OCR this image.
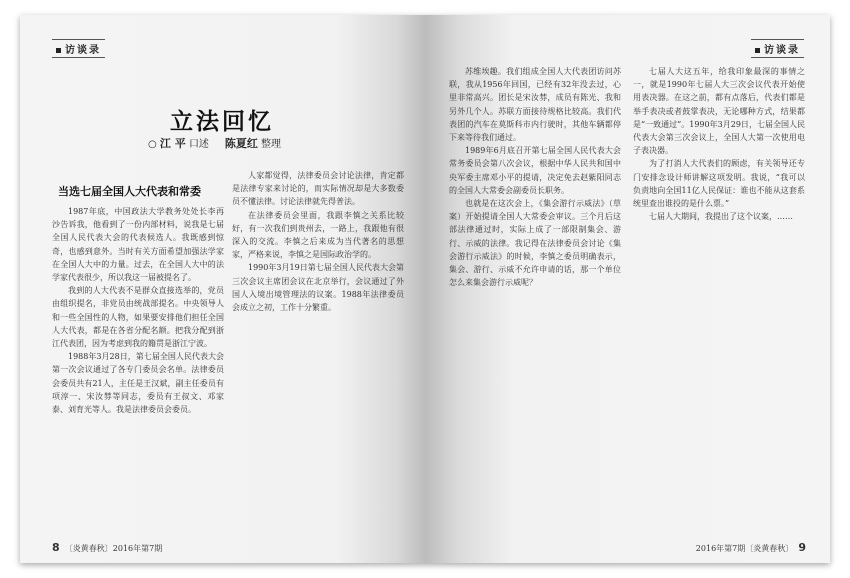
访谈录
立法回忆
○ 江 平 口述 陈夏红 整理
当选七届全国人大代表和常委

1987年底，中国政法大学教务处处长李再沙告诉我，他看到了一份内部材料，说我是七届全国人民代表大会的代表候选人。我既感到惊奇，也感到意外。当时有关方面希望加强法学家在全国人大中的力量。过去，在全国人大中的法学家代表很少，所以我这一届被提名了。

我到的人大代表不是群众直接选举的，党员由组织提名，非党员由统战部提名。中央领导人和一些全国性的人物，如果要安排他们担任全国人大代表，都是在各省分配名额。把我分配到浙江代表团，因为考虑到我的籍贯是浙江宁波。

1988年3月28日，第七届全国人民代表大会第一次会议通过了各专门委员会名单。法律委员会委员共有21人，主任是王汉斌，副主任委员有项淳一、宋汝棼等同志，委员有王叔文、邓家泰、刘育光等人。我是法律委员会委员。

人家都觉得，法律委员会讨论法律，肯定都是法律专家来讨论的，而实际情况却是大多数委员不懂法律。讨论法律就先得普法。

在法律委员会里面，我跟李慎之关系比较好，有一次我们到贵州去，一路上，我跟他有很深入的交流。李慎之后来成为当代著名的思想家，严格来说，李慎之是国际政治学的。

1990年3月19日第七届全国人民代表大会第三次会议主席团会议在北京举行，会议通过了外国人入境出境管理法的议案。1988年法律委员会成立之初，工作十分繁重。

8 〔炎黄春秋〕2016年第7期
访谈录

苏维埃趣。我们组成全国人大代表团访问苏联，我从1956年回国，已经有32年没去过，心里非常高兴。团长是宋汝棼，成员有陈光、我和另外几个人。苏联方面接待规格比较高。我们代表团的汽车在莫斯科市内行驶时，其他车辆都停下来等待我们通过。

1989年6月底召开第七届全国人民代表大会常务委员会第八次会议，根据中华人民共和国中央军委主席邓小平的提请，决定免去赵紫阳同志的全国人大常委会副委员长职务。

也就是在这次会上，《集会游行示威法》（草案）开始提请全国人大常委会审议。三个月后这部法律通过时，实际上成了一部限制集会、游行、示威的法律。我记得在法律委员会讨论《集会游行示威法》的时候，李慎之委员明确表示，集会、游行、示威不允许申请的话，那一个单位怎么来集会游行示威呢？

七届人大这五年，给我印象最深的事情之一，就是1990年七届人大三次会议代表开始使用表决器。在这之前，都有点落后，代表们都是举手表决或者鼓掌表决，无论哪种方式，结果都是“一致通过”。1990年3月29日，七届全国人民代表大会第三次会议上，全国人大第一次使用电子表决器。

为了打消人大代表们的顾虑，有关领导还专门安排念设计师讲解这项发明。我说，“我可以负责地向全国11亿人民保证：谁也不能从这套系统里查出谁投的是什么票。”

七届人大期间，我提出了这个议案，……

2016年第7期〔炎黄春秋〕 9
